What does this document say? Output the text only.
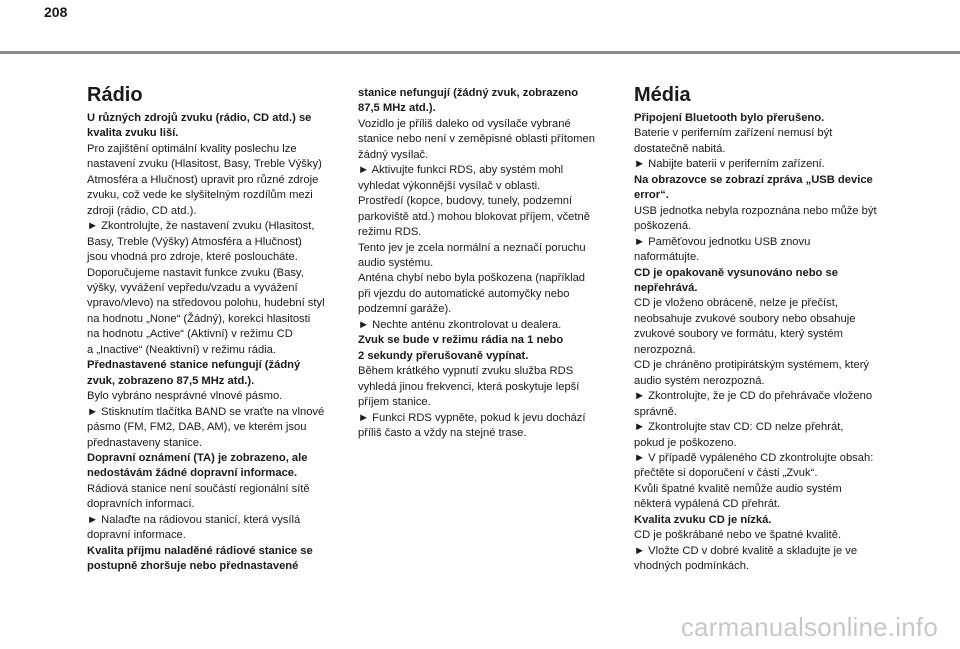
208
Rádio

U různých zdrojů zvuku (rádio, CD atd.) se
kvalita zvuku liší.

Pro zajištění optimální kvality poslechu lze
nastavení zvuku (Hlasitost, Basy, Treble Výšky)
Atmosféra a Hlučnost) upravit pro různé zdroje
zvuku, což vede ke slyšitelným rozdílům mezi
zdroji (rádio, CD atd.).

► Zkontrolujte, že nastavení zvuku (Hlasitost,
Basy, Treble (Výšky) Atmosféra a Hlučnost)
jsou vhodná pro zdroje, které posloucháte.
Doporučujeme nastavit funkce zvuku (Basy,
výšky, vyvážení vepředu/vzadu a vyvážení
vpravo/vlevo) na středovou polohu, hudební styl
na hodnotu „None“ (Žádný), korekci hlasitosti
na hodnotu „Active“ (Aktivní) v režimu CD
a „Inactive“ (Neaktivní) v režimu rádia.

Přednastavené stanice nefungují (žádný
zvuk, zobrazeno 87,5 MHz atd.).

Bylo vybráno nesprávné vlnové pásmo.

► Stisknutím tlačítka BAND se vraťte na vlnové
pásmo (FM, FM2, DAB, AM), ve kterém jsou
přednastaveny stanice.

Dopravní oznámení (TA) je zobrazeno, ale
nedostávám žádné dopravní informace.

Rádiová stanice není součástí regionální sítě
dopravních informací.

► Nalaďte na rádiovou stanicí, která vysílá
dopravní informace.

Kvalita příjmu naladěné rádiové stanice se
postupně zhoršuje nebo přednastavené

stanice nefungují (žádný zvuk, zobrazeno
87,5 MHz atd.).

Vozidlo je příliš daleko od vysílače vybrané
stanice nebo není v zeměpisné oblasti přítomen
žádný vysílač.

► Aktivujte funkci RDS, aby systém mohl
vyhledat výkonnější vysílač v oblasti.

Prostředí (kopce, budovy, tunely, podzemní
parkoviště atd.) mohou blokovat příjem, včetně
režimu RDS.

Tento jev je zcela normální a neznačí poruchu
audio systému.

Anténa chybí nebo byla poškozena (například
při vjezdu do automatické automyčky nebo
podzemní garáže).

► Nechte anténu zkontrolovat u dealera.

Zvuk se bude v režimu rádia na 1 nebo
2 sekundy přerušovaně vypínat.

Během krátkého vypnutí zvuku služba RDS
vyhledá jinou frekvenci, která poskytuje lepší
příjem stanice.

► Funkci RDS vypněte, pokud k jevu dochází
příliš často a vždy na stejné trase.

Média

Připojení Bluetooth bylo přerušeno.

Baterie v periferním zařízení nemusí být
dostatečně nabitá.

► Nabijte baterii v periferním zařízení.

Na obrazovce se zobrazí zpráva „USB device
error“.

USB jednotka nebyla rozpoznána nebo může být
poškozená.

► Paměťovou jednotku USB znovu
naformátujte.

CD je opakovaně vysunováno nebo se
nepřehrává.

CD je vloženo obráceně, nelze je přečíst,
neobsahuje zvukové soubory nebo obsahuje
zvukové soubory ve formátu, který systém
nerozpozná.

CD je chráněno protipirátským systémem, který
audio systém nerozpozná.

► Zkontrolujte, že je CD do přehrávače vloženo
správně.

► Zkontrolujte stav CD: CD nelze přehrát,
pokud je poškozeno.

► V případě vypáleného CD zkontrolujte obsah:
přečtěte si doporučení v části „Zvuk“.

Kvůli špatné kvalitě nemůže audio systém
některá vypálená CD přehrát.

Kvalita zvuku CD je nízká.

CD je poškrábané nebo ve špatné kvalitě.

► Vložte CD v dobré kvalitě a skladujte je ve
vhodných podmínkách.

carmanualsonline.info
